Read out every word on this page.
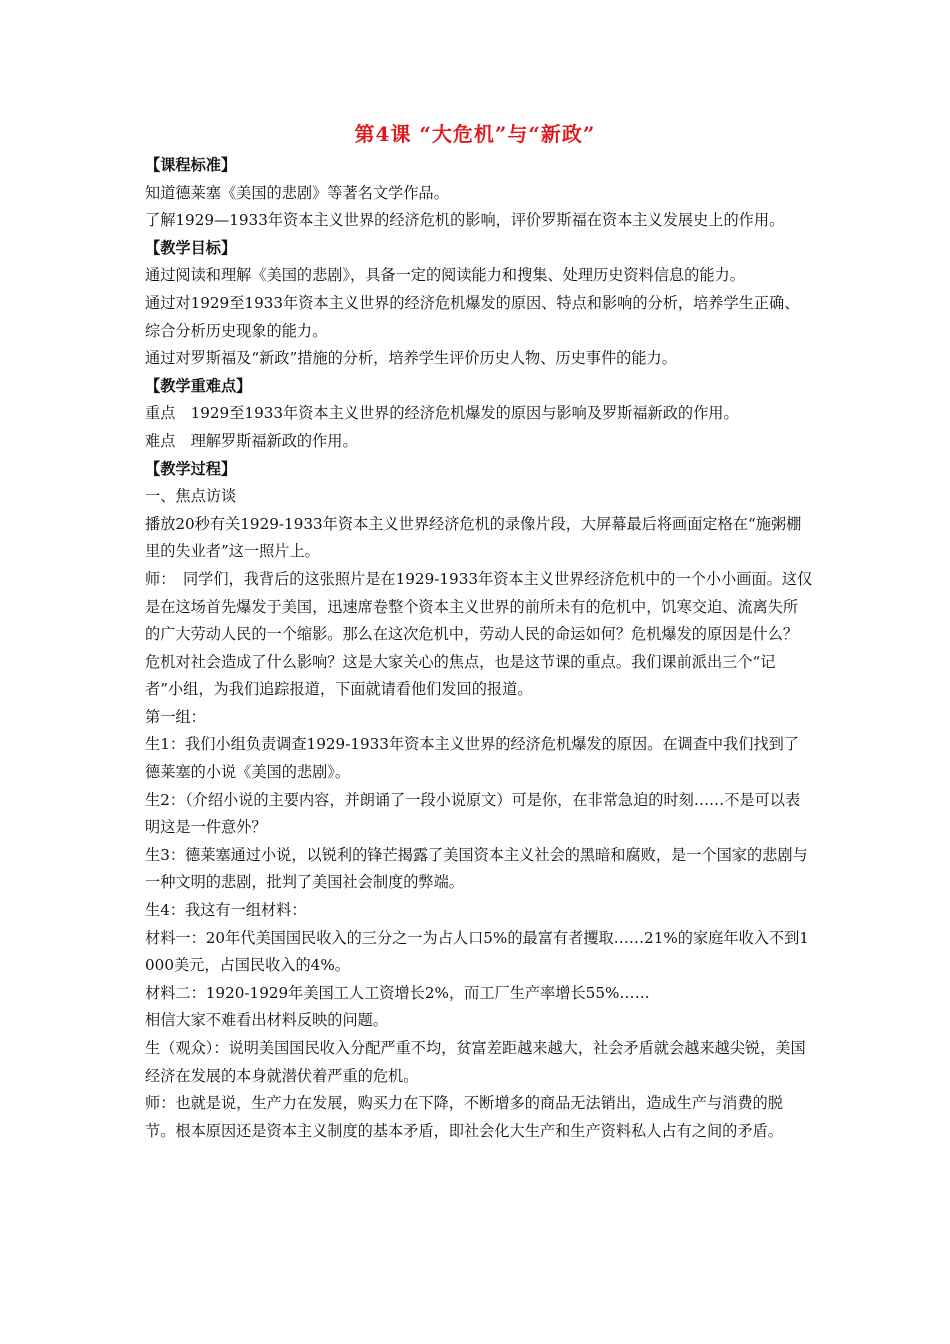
第4课 “大危机”与“新政”

【课程标准】

知道德莱塞《美国的悲剧》等著名文学作品。

了解1929—1933年资本主义世界的经济危机的影响，评价罗斯福在资本主义发展史上的作用。

【教学目标】

通过阅读和理解《美国的悲剧》，具备一定的阅读能力和搜集、处理历史资料信息的能力。

通过对1929至1933年资本主义世界的经济危机爆发的原因、特点和影响的分析，培养学生正确、综合分析历史现象的能力。

通过对罗斯福及“新政”措施的分析，培养学生评价历史人物、历史事件的能力。

【教学重难点】

重点　1929至1933年资本主义世界的经济危机爆发的原因与影响及罗斯福新政的作用。

难点　理解罗斯福新政的作用。

【教学过程】

一、焦点访谈

播放20秒有关1929-1933年资本主义世界经济危机的录像片段，大屏幕最后将画面定格在“施粥棚里的失业者”这一照片上。

师：　同学们，我背后的这张照片是在1929-1933年资本主义世界经济危机中的一个小小画面。这仅是在这场首先爆发于美国，迅速席卷整个资本主义世界的前所未有的危机中，饥寒交迫、流离失所的广大劳动人民的一个缩影。那么在这次危机中，劳动人民的命运如何？危机爆发的原因是什么？危机对社会造成了什么影响？这是大家关心的焦点，也是这节课的重点。我们课前派出三个“记者”小组，为我们追踪报道，下面就请看他们发回的报道。

第一组：

生1：我们小组负责调查1929-1933年资本主义世界的经济危机爆发的原因。在调查中我们找到了德莱塞的小说《美国的悲剧》。

生2：（介绍小说的主要内容，并朗诵了一段小说原文）可是你，在非常急迫的时刻……不是可以表明这是一件意外？

生3：德莱塞通过小说，以锐利的锋芒揭露了美国资本主义社会的黑暗和腐败，是一个国家的悲剧与一种文明的悲剧，批判了美国社会制度的弊端。

生4：我这有一组材料：

材料一：20年代美国国民收入的三分之一为占人口5%的最富有者攫取……21%的家庭年收入不到1 000美元，占国民收入的4%。

材料二：1920-1929年美国工人工资增长2%，而工厂生产率增长55%……

相信大家不难看出材料反映的问题。

生（观众）：说明美国国民收入分配严重不均，贫富差距越来越大，社会矛盾就会越来越尖锐，美国经济在发展的本身就潜伏着严重的危机。

师：也就是说，生产力在发展，购买力在下降，不断增多的商品无法销出，造成生产与消费的脱节。根本原因还是资本主义制度的基本矛盾，即社会化大生产和生产资料私人占有之间的矛盾。
